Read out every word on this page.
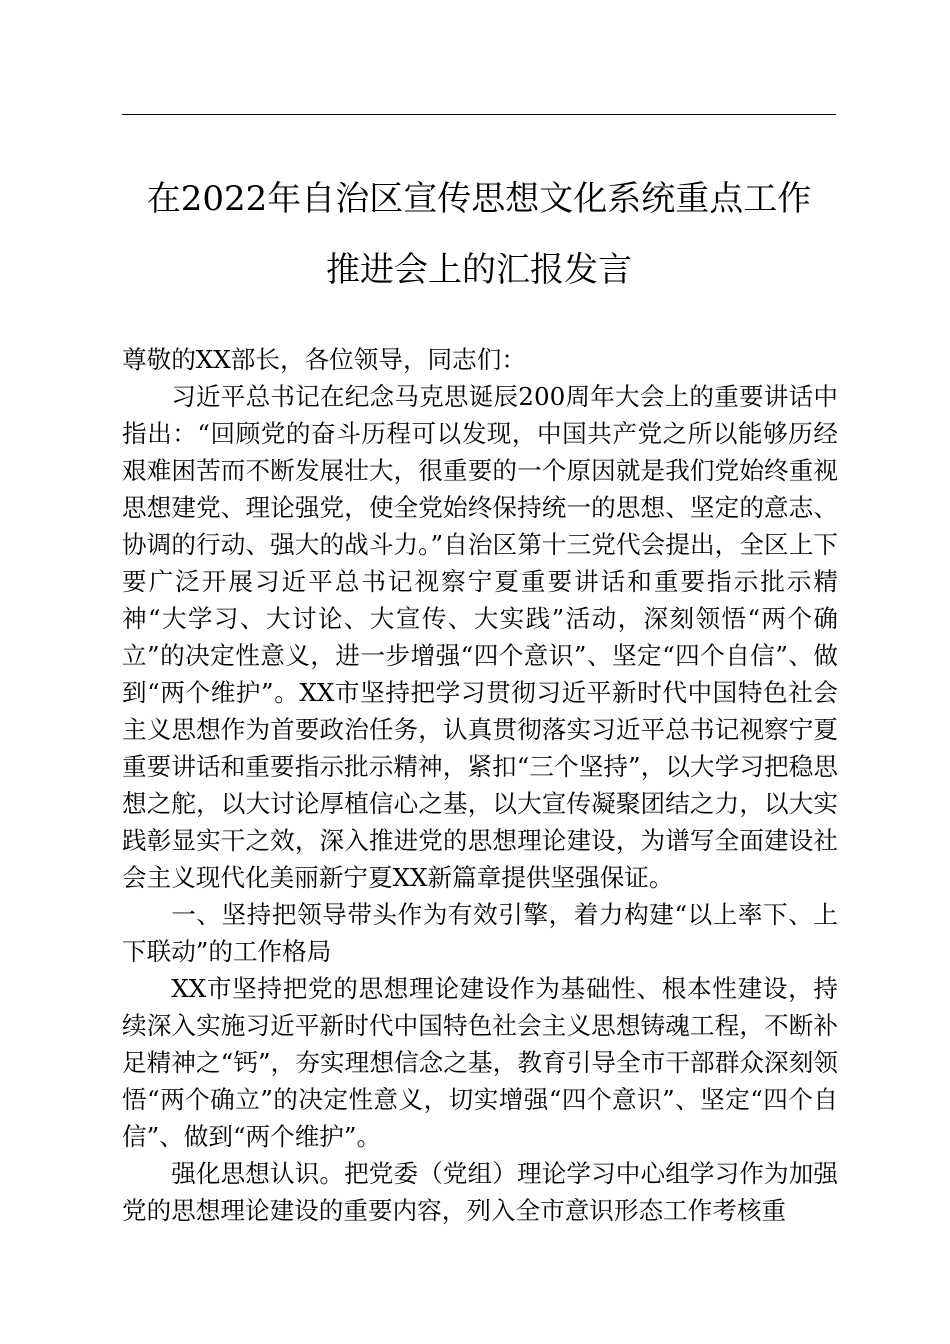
在2022年自治区宣传思想文化系统重点工作
推进会上的汇报发言

尊敬的XX部长，各位领导，同志们：

习近平总书记在纪念马克思诞辰200周年大会上的重要讲话中指出：“回顾党的奋斗历程可以发现，中国共产党之所以能够历经艰难困苦而不断发展壮大，很重要的一个原因就是我们党始终重视思想建党、理论强党，使全党始终保持统一的思想、坚定的意志、协调的行动、强大的战斗力。”自治区第十三党代会提出，全区上下要广泛开展习近平总书记视察宁夏重要讲话和重要指示批示精神“大学习、大讨论、大宣传、大实践”活动，深刻领悟“两个确立”的决定性意义，进一步增强“四个意识”、坚定“四个自信”、做到“两个维护”。XX市坚持把学习贯彻习近平新时代中国特色社会主义思想作为首要政治任务，认真贯彻落实习近平总书记视察宁夏重要讲话和重要指示批示精神，紧扣“三个坚持”，以大学习把稳思想之舵，以大讨论厚植信心之基，以大宣传凝聚团结之力，以大实践彰显实干之效，深入推进党的思想理论建设，为谱写全面建设社会主义现代化美丽新宁夏XX新篇章提供坚强保证。

一、坚持把领导带头作为有效引擎，着力构建“以上率下、上下联动”的工作格局

XX市坚持把党的思想理论建设作为基础性、根本性建设，持续深入实施习近平新时代中国特色社会主义思想铸魂工程，不断补足精神之“钙”，夯实理想信念之基，教育引导全市干部群众深刻领悟“两个确立”的决定性意义，切实增强“四个意识”、坚定“四个自信”、做到“两个维护”。

强化思想认识。把党委（党组）理论学习中心组学习作为加强党的思想理论建设的重要内容，列入全市意识形态工作考核重
